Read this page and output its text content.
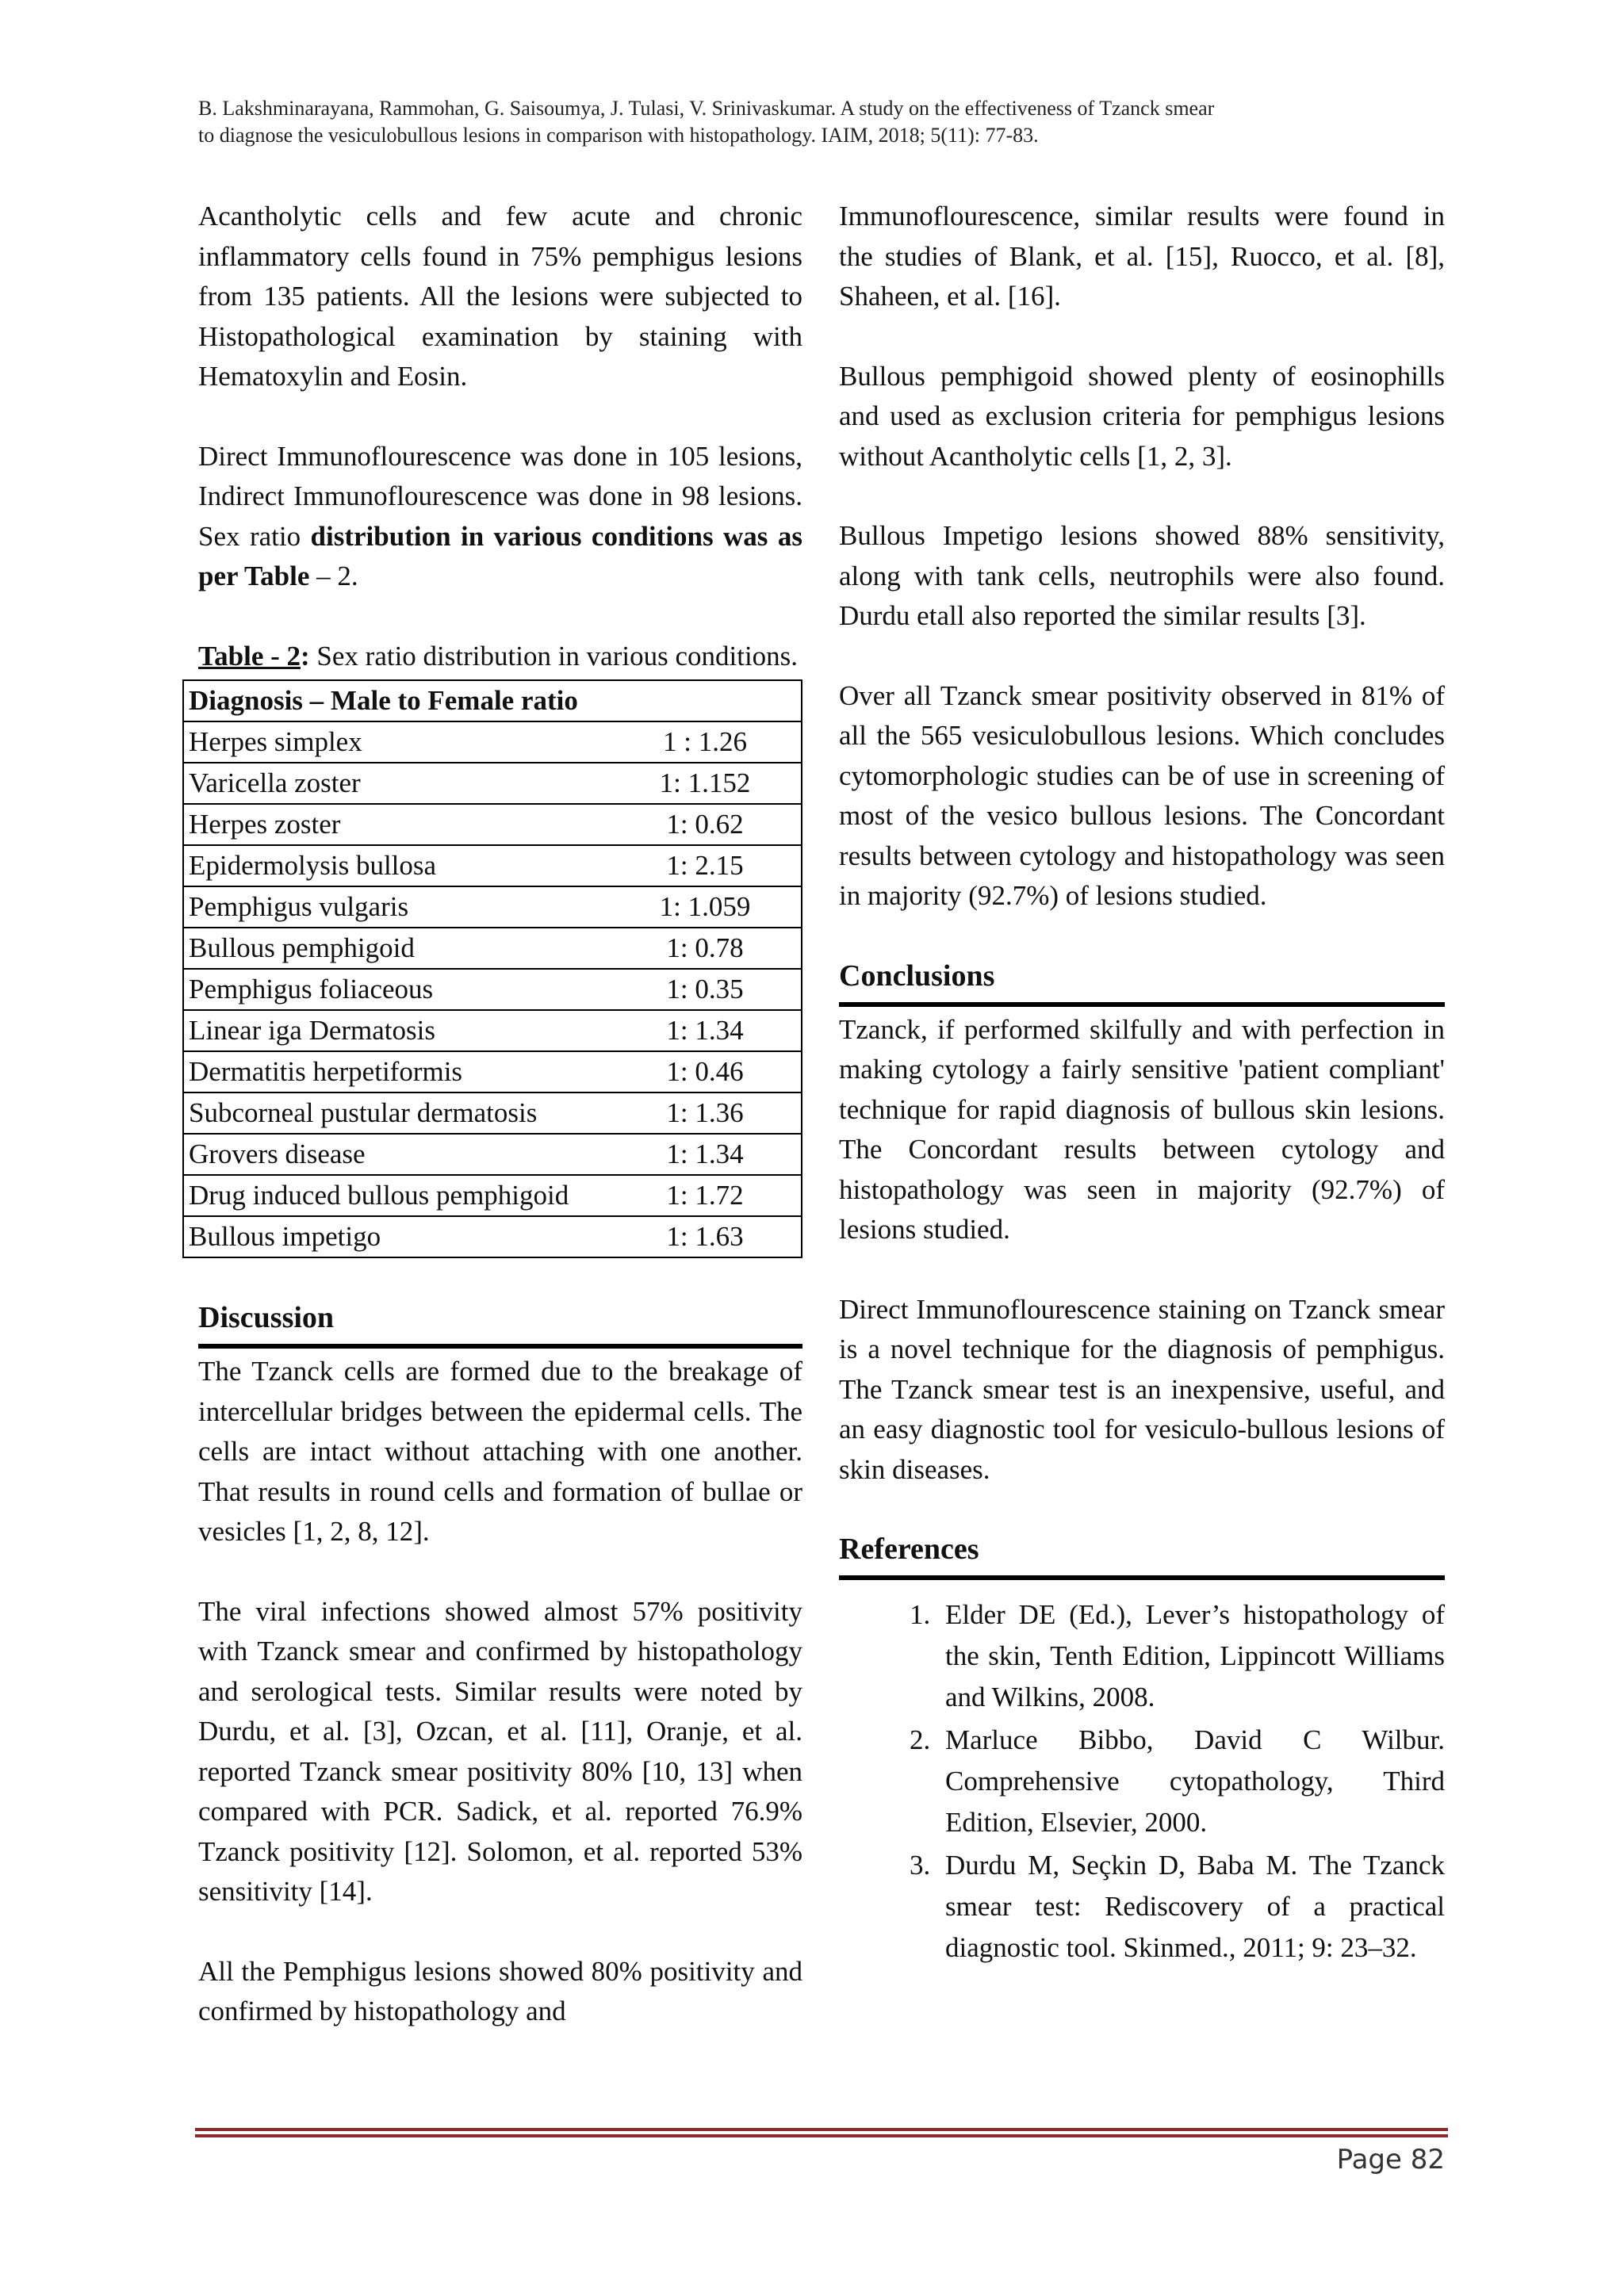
B. Lakshminarayana, Rammohan, G. Saisoumya, J. Tulasi, V. Srinivaskumar. A study on the effectiveness of Tzanck smear
to diagnose the vesiculobullous lesions in comparison with histopathology. IAIM, 2018; 5(11): 77-83.

Acantholytic cells and few acute and chronic inflammatory cells found in 75% pemphigus lesions from 135 patients. All the lesions were subjected to Histopathological examination by staining with Hematoxylin and Eosin.

Direct Immunoflourescence was done in 105 lesions, Indirect Immunoflourescence was done in 98 lesions. Sex ratio distribution in various conditions was as per Table – 2.

Table - 2: Sex ratio distribution in various conditions.

Diagnosis – Male to Female ratio	
Herpes simplex	1 : 1.26
Varicella zoster	1: 1.152
Herpes zoster	1: 0.62
Epidermolysis bullosa	1: 2.15
Pemphigus vulgaris	1: 1.059
Bullous pemphigoid	1: 0.78
Pemphigus foliaceous	1: 0.35
Linear iga Dermatosis	1: 1.34
Dermatitis herpetiformis	1: 0.46
Subcorneal pustular dermatosis	1: 1.36
Grovers disease	1: 1.34
Drug induced bullous pemphigoid	1: 1.72
Bullous impetigo	1: 1.63
Discussion

The Tzanck cells are formed due to the breakage of intercellular bridges between the epidermal cells. The cells are intact without attaching with one another. That results in round cells and formation of bullae or vesicles [1, 2, 8, 12].

The viral infections showed almost 57% positivity with Tzanck smear and confirmed by histopathology and serological tests. Similar results were noted by Durdu, et al. [3], Ozcan, et al. [11], Oranje, et al. reported Tzanck smear positivity 80% [10, 13] when compared with PCR. Sadick, et al. reported 76.9% Tzanck positivity [12]. Solomon, et al. reported 53% sensitivity [14].

All the Pemphigus lesions showed 80% positivity and confirmed by histopathology and

Immunoflourescence, similar results were found in the studies of Blank, et al. [15], Ruocco, et al. [8], Shaheen, et al. [16].

Bullous pemphigoid showed plenty of eosinophills and used as exclusion criteria for pemphigus lesions without Acantholytic cells [1, 2, 3].

Bullous Impetigo lesions showed 88% sensitivity, along with tank cells, neutrophils were also found. Durdu etall also reported the similar results [3].

Over all Tzanck smear positivity observed in 81% of all the 565 vesiculobullous lesions. Which concludes cytomorphologic studies can be of use in screening of most of the vesico bullous lesions. The Concordant results between cytology and histopathology was seen in majority (92.7%) of lesions studied.

Conclusions

Tzanck, if performed skilfully and with perfection in making cytology a fairly sensitive 'patient compliant' technique for rapid diagnosis of bullous skin lesions. The Concordant results between cytology and histopathology was seen in majority (92.7%) of lesions studied.

Direct Immunoflourescence staining on Tzanck smear is a novel technique for the diagnosis of pemphigus. The Tzanck smear test is an inexpensive, useful, and an easy diagnostic tool for vesiculo-bullous lesions of skin diseases.

References
1. Elder DE (Ed.), Lever’s histopathology of the skin, Tenth Edition, Lippincott Williams and Wilkins, 2008.
2. Marluce Bibbo, David C Wilbur. Comprehensive cytopathology, Third Edition, Elsevier, 2000.
3. Durdu M, Seçkin D, Baba M. The Tzanck smear test: Rediscovery of a practical diagnostic tool. Skinmed., 2011; 9: 23–32.
Page 82
